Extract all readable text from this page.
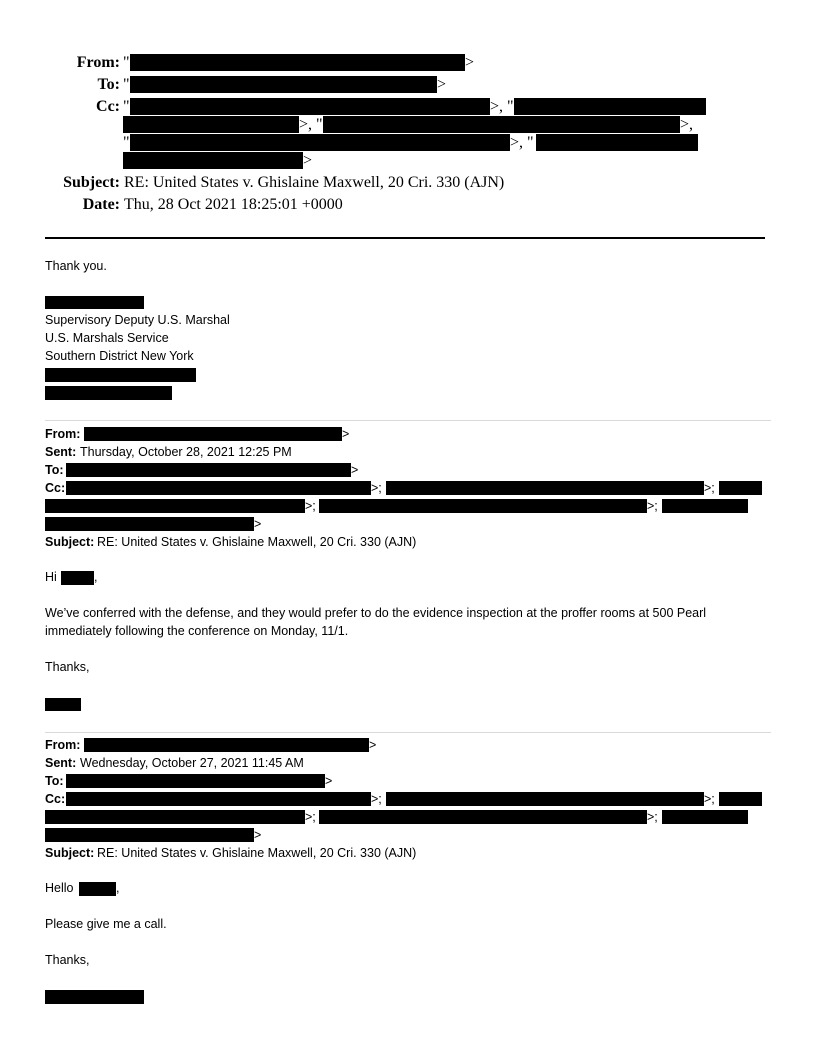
From: "	>
To: "	>
Cc: "	>, "
>, "	>,
"	>, "
>
Subject: RE: United States v. Ghislaine Maxwell, 20 Cri. 330 (AJN)
Date: Thu, 28 Oct 2021 18:25:01 +0000
Thank you.
Supervisory Deputy U.S. Marshal
U.S. Marshals Service
Southern District New York
From:	>
Sent: Thursday, October 28, 2021 12:25 PM
To:	>
Cc:	>;	>;
>;	>;
>
Subject: RE: United States v. Ghislaine Maxwell, 20 Cri. 330 (AJN)
Hi	,
We’ve conferred with the defense, and they would prefer to do the evidence inspection at the proffer rooms at 500 Pearl
immediately following the conference on Monday, 11/1.
Thanks,
From:	>
Sent: Wednesday, October 27, 2021 11:45 AM
To:	>
Cc:	>;	>;
>;	>;
>
Subject: RE: United States v. Ghislaine Maxwell, 20 Cri. 330 (AJN)
Hello	,
Please give me a call.
Thanks,
